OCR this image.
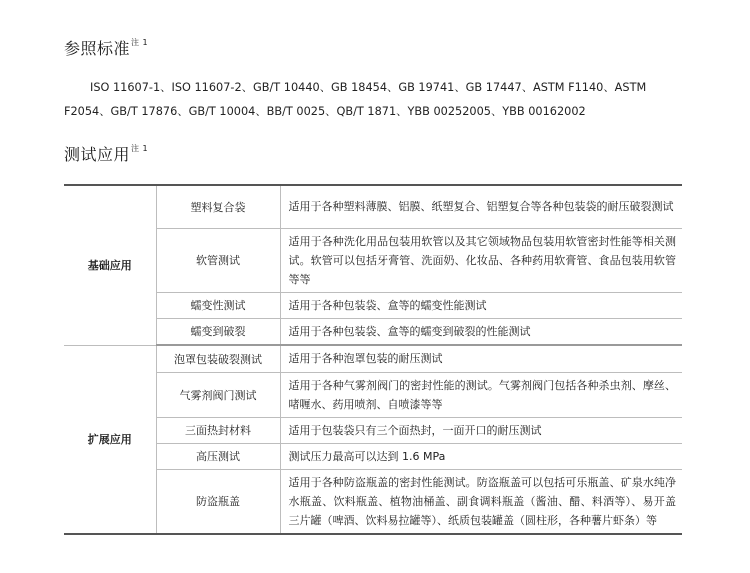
参照标准$^{注 1}$
ISO 11607-1、ISO 11607-2、GB/T 10440、GB 18454、GB 19741、GB 17447、ASTM F1140、ASTM F2054、GB/T 17876、GB/T 10004、BB/T 0025、QB/T 1871、YBB 00252005、YBB 00162002
测试应用$^{注 1}$
基础应用	塑料复合袋	适用于各种塑料薄膜、铝膜、纸塑复合、铝塑复合等各种包装袋的耐压破裂测试
	软管测试	适用于各种洗化用品包装用软管以及其它领域物品包装用软管密封性能等相关测试。软管可以包括牙膏管、洗面奶、化妆品、各种药用软膏管、食品包装用软管等等
	蠕变性测试	适用于各种包装袋、盒等的蠕变性能测试
	蠕变到破裂	适用于各种包装袋、盒等的蠕变到破裂的性能测试
扩展应用	泡罩包装破裂测试	适用于各种泡罩包装的耐压测试
	气雾剂阀门测试	适用于各种气雾剂阀门的密封性能的测试。气雾剂阀门包括各种杀虫剂、摩丝、啫喱水、药用喷剂、自喷漆等等
	三面热封材料	适用于包装袋只有三个面热封，一面开口的耐压测试
	高压测试	测试压力最高可以达到 1.6 MPa
	防盗瓶盖	适用于各种防盗瓶盖的密封性能测试。防盗瓶盖可以包括可乐瓶盖、矿泉水纯净水瓶盖、饮料瓶盖、植物油桶盖、副食调料瓶盖（酱油、醋、料酒等）、易开盖三片罐（啤酒、饮料易拉罐等）、纸质包装罐盖（圆柱形，各种薯片虾条）等
